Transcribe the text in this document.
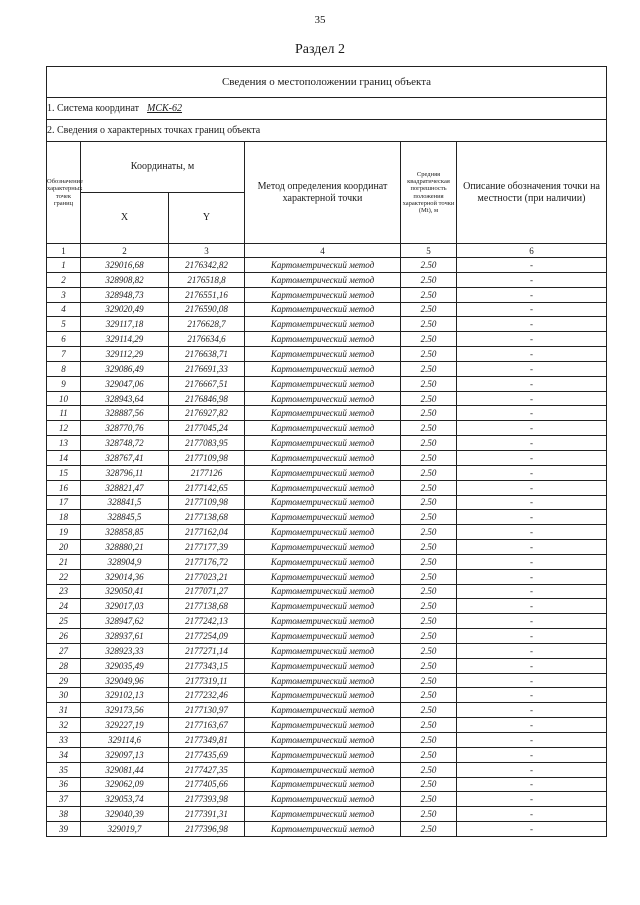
35
Раздел 2
Сведения о местоположении границ объекта					
1. Система координат МСК-62					
2. Сведения о характерных точках границ объекта					
Обозначение характерных точек границ	Координаты, м		Метод определения координат характерной точки	Средняя квадратическая погрешность положения характерной точки (Mt), м	Описание обозначения точки на местности (при наличии)
	X	Y			
1	2	3	4	5	6
1	329016,68	2176342,82	Картометрический метод	2.50	-
2	328908,82	2176518,8	Картометрический метод	2.50	-
3	328948,73	2176551,16	Картометрический метод	2.50	-
4	329020,49	2176590,08	Картометрический метод	2.50	-
5	329117,18	2176628,7	Картометрический метод	2.50	-
6	329114,29	2176634,6	Картометрический метод	2.50	-
7	329112,29	2176638,71	Картометрический метод	2.50	-
8	329086,49	2176691,33	Картометрический метод	2.50	-
9	329047,06	2176667,51	Картометрический метод	2.50	-
10	328943,64	2176846,98	Картометрический метод	2.50	-
11	328887,56	2176927,82	Картометрический метод	2.50	-
12	328770,76	2177045,24	Картометрический метод	2.50	-
13	328748,72	2177083,95	Картометрический метод	2.50	-
14	328767,41	2177109,98	Картометрический метод	2.50	-
15	328796,11	2177126	Картометрический метод	2.50	-
16	328821,47	2177142,65	Картометрический метод	2.50	-
17	328841,5	2177109,98	Картометрический метод	2.50	-
18	328845,5	2177138,68	Картометрический метод	2.50	-
19	328858,85	2177162,04	Картометрический метод	2.50	-
20	328880,21	2177177,39	Картометрический метод	2.50	-
21	328904,9	2177176,72	Картометрический метод	2.50	-
22	329014,36	2177023,21	Картометрический метод	2.50	-
23	329050,41	2177071,27	Картометрический метод	2.50	-
24	329017,03	2177138,68	Картометрический метод	2.50	-
25	328947,62	2177242,13	Картометрический метод	2.50	-
26	328937,61	2177254,09	Картометрический метод	2.50	-
27	328923,33	2177271,14	Картометрический метод	2.50	-
28	329035,49	2177343,15	Картометрический метод	2.50	-
29	329049,96	2177319,11	Картометрический метод	2.50	-
30	329102,13	2177232,46	Картометрический метод	2.50	-
31	329173,56	2177130,97	Картометрический метод	2.50	-
32	329227,19	2177163,67	Картометрический метод	2.50	-
33	329114,6	2177349,81	Картометрический метод	2.50	-
34	329097,13	2177435,69	Картометрический метод	2.50	-
35	329081,44	2177427,35	Картометрический метод	2.50	-
36	329062,09	2177405,66	Картометрический метод	2.50	-
37	329053,74	2177393,98	Картометрический метод	2.50	-
38	329040,39	2177391,31	Картометрический метод	2.50	-
39	329019,7	2177396,98	Картометрический метод	2.50	-
